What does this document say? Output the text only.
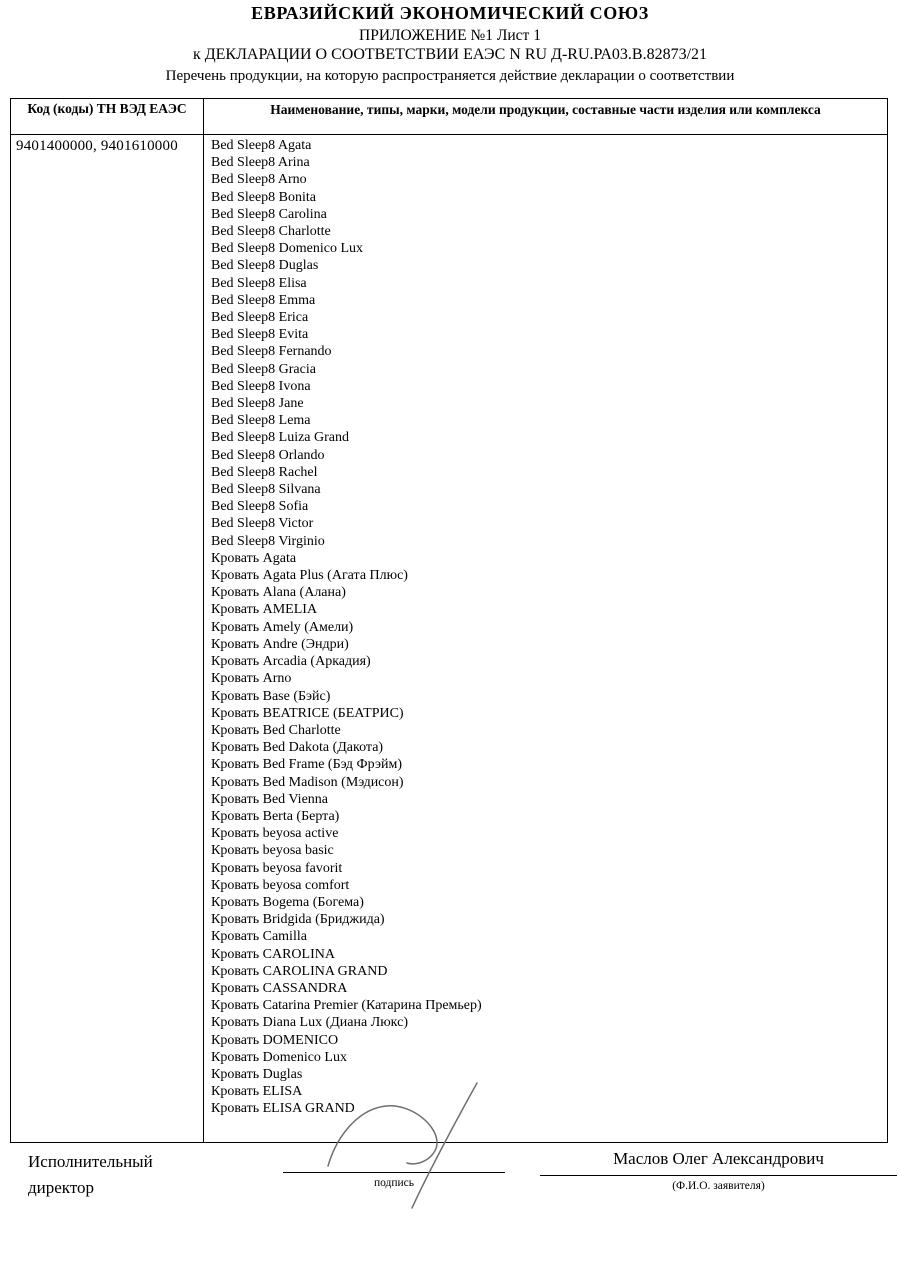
ЕВРАЗИЙСКИЙ ЭКОНОМИЧЕСКИЙ СОЮЗ
ПРИЛОЖЕНИЕ №1 Лист 1
к ДЕКЛАРАЦИИ О СООТВЕТСТВИИ ЕАЭС N RU Д-RU.РА03.В.82873/21
Перечень продукции, на которую распространяется действие декларации о соответствии
Код (коды) ТН ВЭД ЕАЭС	Наименование, типы, марки, модели продукции, составные части изделия или комплекса
9401400000, 9401610000	Bed Sleep8 Agata
Bed Sleep8 Arina
Bed Sleep8 Arno
Bed Sleep8 Bonita
Bed Sleep8 Carolina
Bed Sleep8 Charlotte
Bed Sleep8 Domenico Lux
Bed Sleep8 Duglas
Bed Sleep8 Elisa
Bed Sleep8 Emma
Bed Sleep8 Erica
Bed Sleep8 Evita
Bed Sleep8 Fernando
Bed Sleep8 Gracia
Bed Sleep8 Ivona
Bed Sleep8 Jane
Bed Sleep8 Lema
Bed Sleep8 Luiza Grand
Bed Sleep8 Orlando
Bed Sleep8 Rachel
Bed Sleep8 Silvana
Bed Sleep8 Sofia
Bed Sleep8 Victor
Bed Sleep8 Virginio
Кровать Agata
Кровать Agata Plus (Агата Плюс)
Кровать Alana (Алана)
Кровать AMELIA
Кровать Amely (Амели)
Кровать Andre (Эндри)
Кровать Arcadia (Аркадия)
Кровать Arno
Кровать Base (Бэйс)
Кровать BEATRICE (БЕАТРИС)
Кровать Bed Charlotte
Кровать Bed Dakota (Дакота)
Кровать Bed Frame (Бэд Фрэйм)
Кровать Bed Madison (Мэдисон)
Кровать Bed Vienna
Кровать Berta (Берта)
Кровать beyosa active
Кровать beyosa basic
Кровать beyosa favorit
Кровать beyosa comfort
Кровать Bogema (Богема)
Кровать Bridgida (Бриджида)
Кровать Camilla
Кровать CAROLINA
Кровать CAROLINA GRAND
Кровать CASSANDRA
Кровать Catarina Premier (Катарина Премьер)
Кровать Diana Lux (Диана Люкс)
Кровать DOMENICO
Кровать Domenico Lux
Кровать Duglas
Кровать ELISA
Кровать ELISA GRAND
Исполнительный директор	подпись
Маслов Олег Александрович
(Ф.И.О. заявителя)
